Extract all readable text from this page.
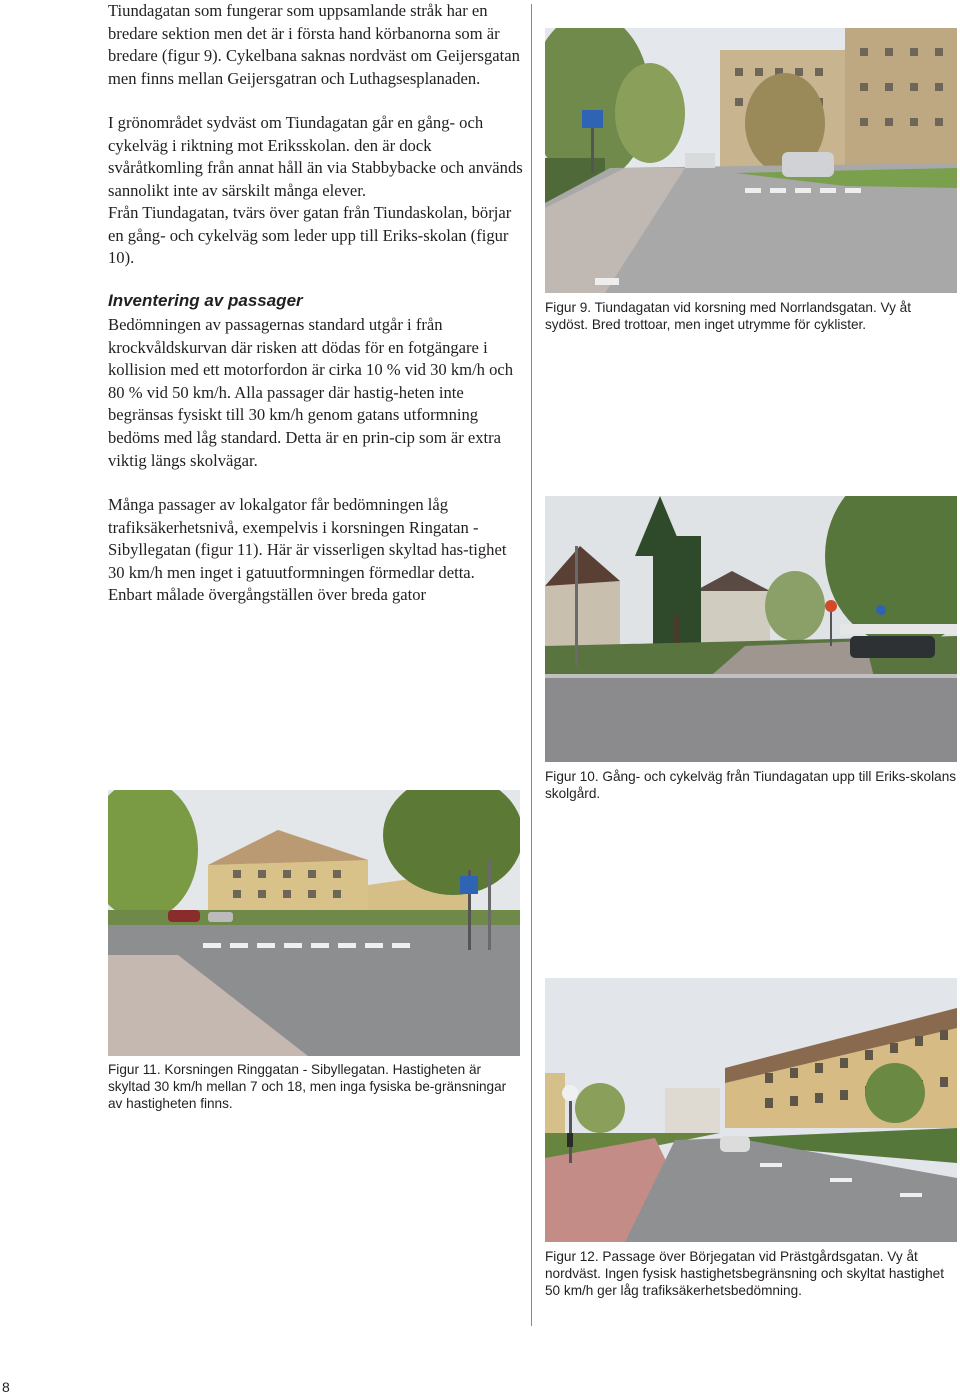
Tiundagatan som fungerar som uppsamlande stråk har en bredare sektion men det är i första hand körbanorna som är bredare (figur 9). Cykelbana saknas nordväst om Geijersgatan men finns mellan Geijersgatran och Luthagsesplanaden.

I grönområdet sydväst om Tiundagatan går en gång- och cykelväg i riktning mot Eriksskolan. den är dock svåråtkomling från annat håll än via Stabbybacke och används sannolikt inte av särskilt många elever.

Från Tiundagatan, tvärs över gatan från Tiundaskolan, börjar en gång- och cykelväg som leder upp till Eriks-skolan (figur 10).

Inventering av passager

Bedömningen av passagernas standard utgår i från krockvåldskurvan där risken att dödas för en fotgängare i kollision med ett motorfordon är cirka 10 % vid 30 km/h och 80 % vid 50 km/h. Alla passager där hastig-heten inte begränsas fysiskt till 30 km/h genom gatans utformning bedöms med låg standard. Detta är en prin-cip som är extra viktig längs skolvägar.

Många passager av lokalgator får bedömningen låg trafiksäkerhetsnivå, exempelvis i korsningen Ringatan - Sibyllegatan (figur 11). Här är visserligen skyltad has-tighet 30 km/h men inget i gatuutformningen förmedlar detta. Enbart målade övergångställen över breda gator

Figur 9. Tiundagatan vid korsning med Norrlandsgatan. Vy åt sydöst. Bred trottoar, men inget utrymme för cyklister.

Figur 10. Gång- och cykelväg från Tiundagatan upp till Eriks-skolans skolgård.

Figur 11. Korsningen Ringgatan - Sibyllegatan. Hastigheten är skyltad 30 km/h mellan 7 och 18, men inga fysiska be-gränsningar av hastigheten finns.

Figur 12. Passage över Börjegatan vid Prästgårdsgatan. Vy åt nordväst. Ingen fysisk hastighetsbegränsning och skyltat hastighet 50 km/h ger låg trafiksäkerhetsbedömning.

8
